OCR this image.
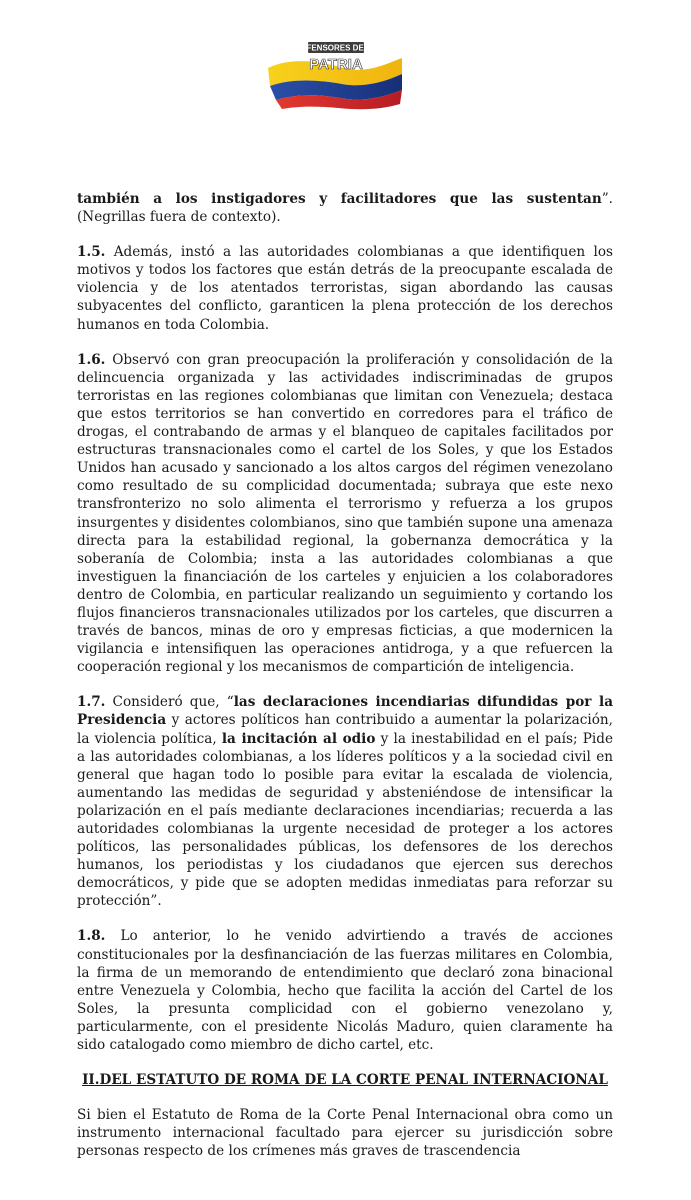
DEFENSORES DE LA
PATRIA

también a los instigadores y facilitadores que las sustentan”. (Negrillas fuera de contexto).

1.5. Además, instó a las autoridades colombianas a que identifiquen los motivos y todos los factores que están detrás de la preocupante escalada de violencia y de los atentados terroristas, sigan abordando las causas subyacentes del conflicto, garanticen la plena protección de los derechos humanos en toda Colombia.

1.6. Observó con gran preocupación la proliferación y consolidación de la delincuencia organizada y las actividades indiscriminadas de grupos terroristas en las regiones colombianas que limitan con Venezuela; destaca que estos territorios se han convertido en corredores para el tráfico de drogas, el contrabando de armas y el blanqueo de capitales facilitados por estructuras transnacionales como el cartel de los Soles, y que los Estados Unidos han acusado y sancionado a los altos cargos del régimen venezolano como resultado de su complicidad documentada; subraya que este nexo transfronterizo no solo alimenta el terrorismo y refuerza a los grupos insurgentes y disidentes colombianos, sino que también supone una amenaza directa para la estabilidad regional, la gobernanza democrática y la soberanía de Colombia; insta a las autoridades colombianas a que investiguen la financiación de los carteles y enjuicien a los colaboradores dentro de Colombia, en particular realizando un seguimiento y cortando los flujos financieros transnacionales utilizados por los carteles, que discurren a través de bancos, minas de oro y empresas ficticias, a que modernicen la vigilancia e intensifiquen las operaciones antidroga, y a que refuercen la cooperación regional y los mecanismos de compartición de inteligencia.

1.7. Consideró que, “las declaraciones incendiarias difundidas por la Presidencia y actores políticos han contribuido a aumentar la polarización, la violencia política, la incitación al odio y la inestabilidad en el país; Pide a las autoridades colombianas, a los líderes políticos y a la sociedad civil en general que hagan todo lo posible para evitar la escalada de violencia, aumentando las medidas de seguridad y absteniéndose de intensificar la polarización en el país mediante declaraciones incendiarias; recuerda a las autoridades colombianas la urgente necesidad de proteger a los actores políticos, las personalidades públicas, los defensores de los derechos humanos, los periodistas y los ciudadanos que ejercen sus derechos democráticos, y pide que se adopten medidas inmediatas para reforzar su protección”.

1.8. Lo anterior, lo he venido advirtiendo a través de acciones constitucionales por la desfinanciación de las fuerzas militares en Colombia, la firma de un memorando de entendimiento que declaró zona binacional entre Venezuela y Colombia, hecho que facilita la acción del Cartel de los Soles, la presunta complicidad con el gobierno venezolano y, particularmente, con el presidente Nicolás Maduro, quien claramente ha sido catalogado como miembro de dicho cartel, etc.

II.DEL ESTATUTO DE ROMA DE LA CORTE PENAL INTERNACIONAL

Si bien el Estatuto de Roma de la Corte Penal Internacional obra como un instrumento internacional facultado para ejercer su jurisdicción sobre personas respecto de los crímenes más graves de trascendencia
